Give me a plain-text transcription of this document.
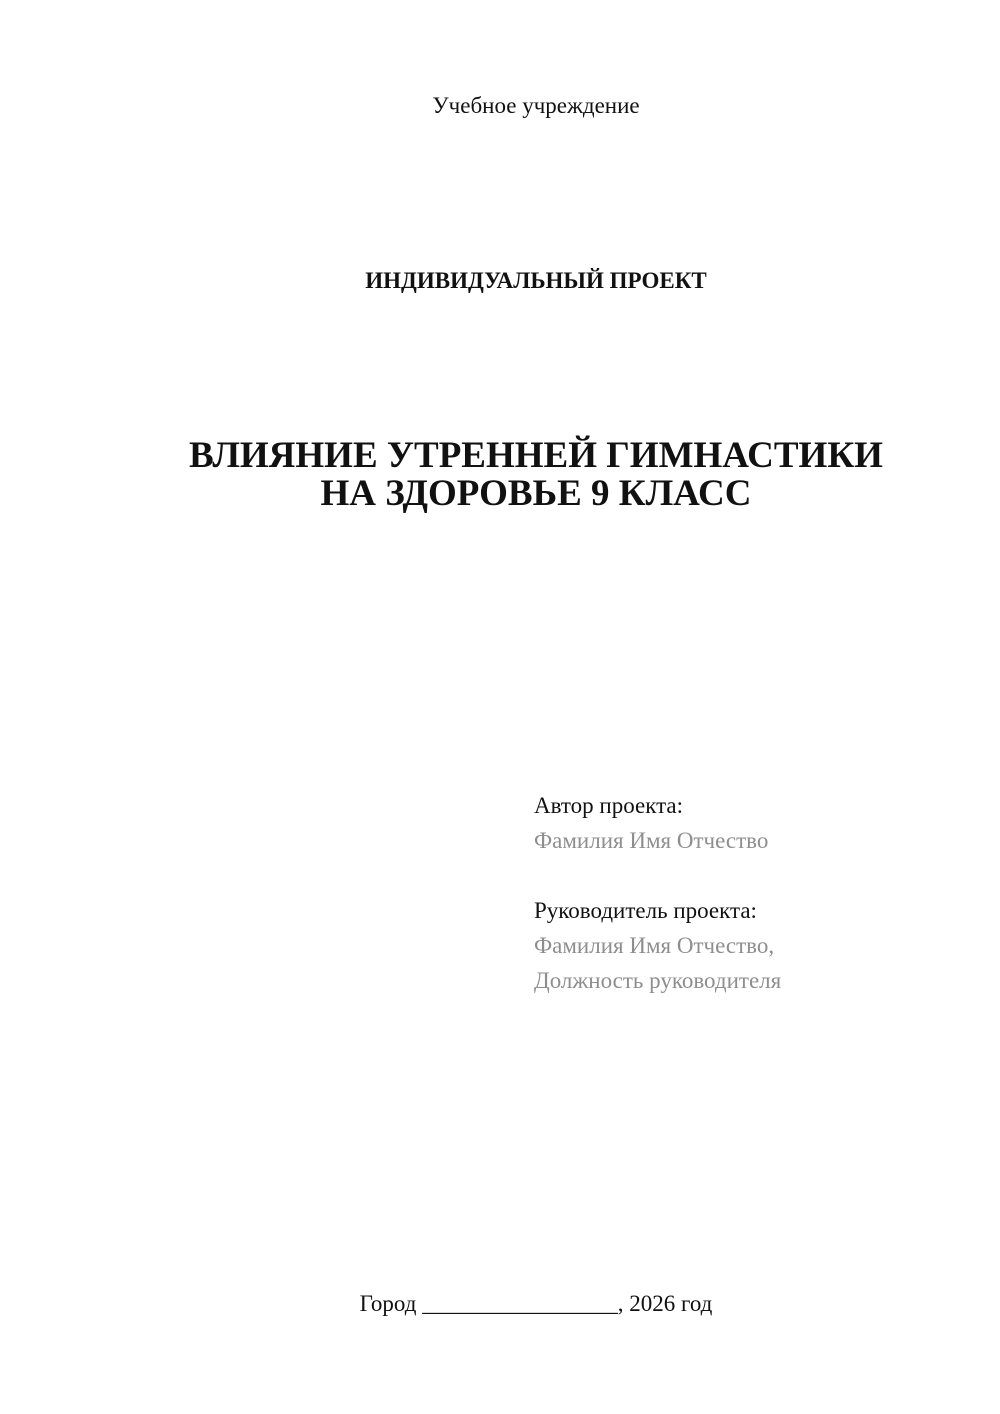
Учебное учреждение
ИНДИВИДУАЛЬНЫЙ ПРОЕКТ
ВЛИЯНИЕ УТРЕННЕЙ ГИМНАСТИКИ
НА ЗДОРОВЬЕ 9 КЛАСС
Автор проекта:
Фамилия Имя Отчество
Руководитель проекта:
Фамилия Имя Отчество,
Должность руководителя
Город _________________, 2026 год
